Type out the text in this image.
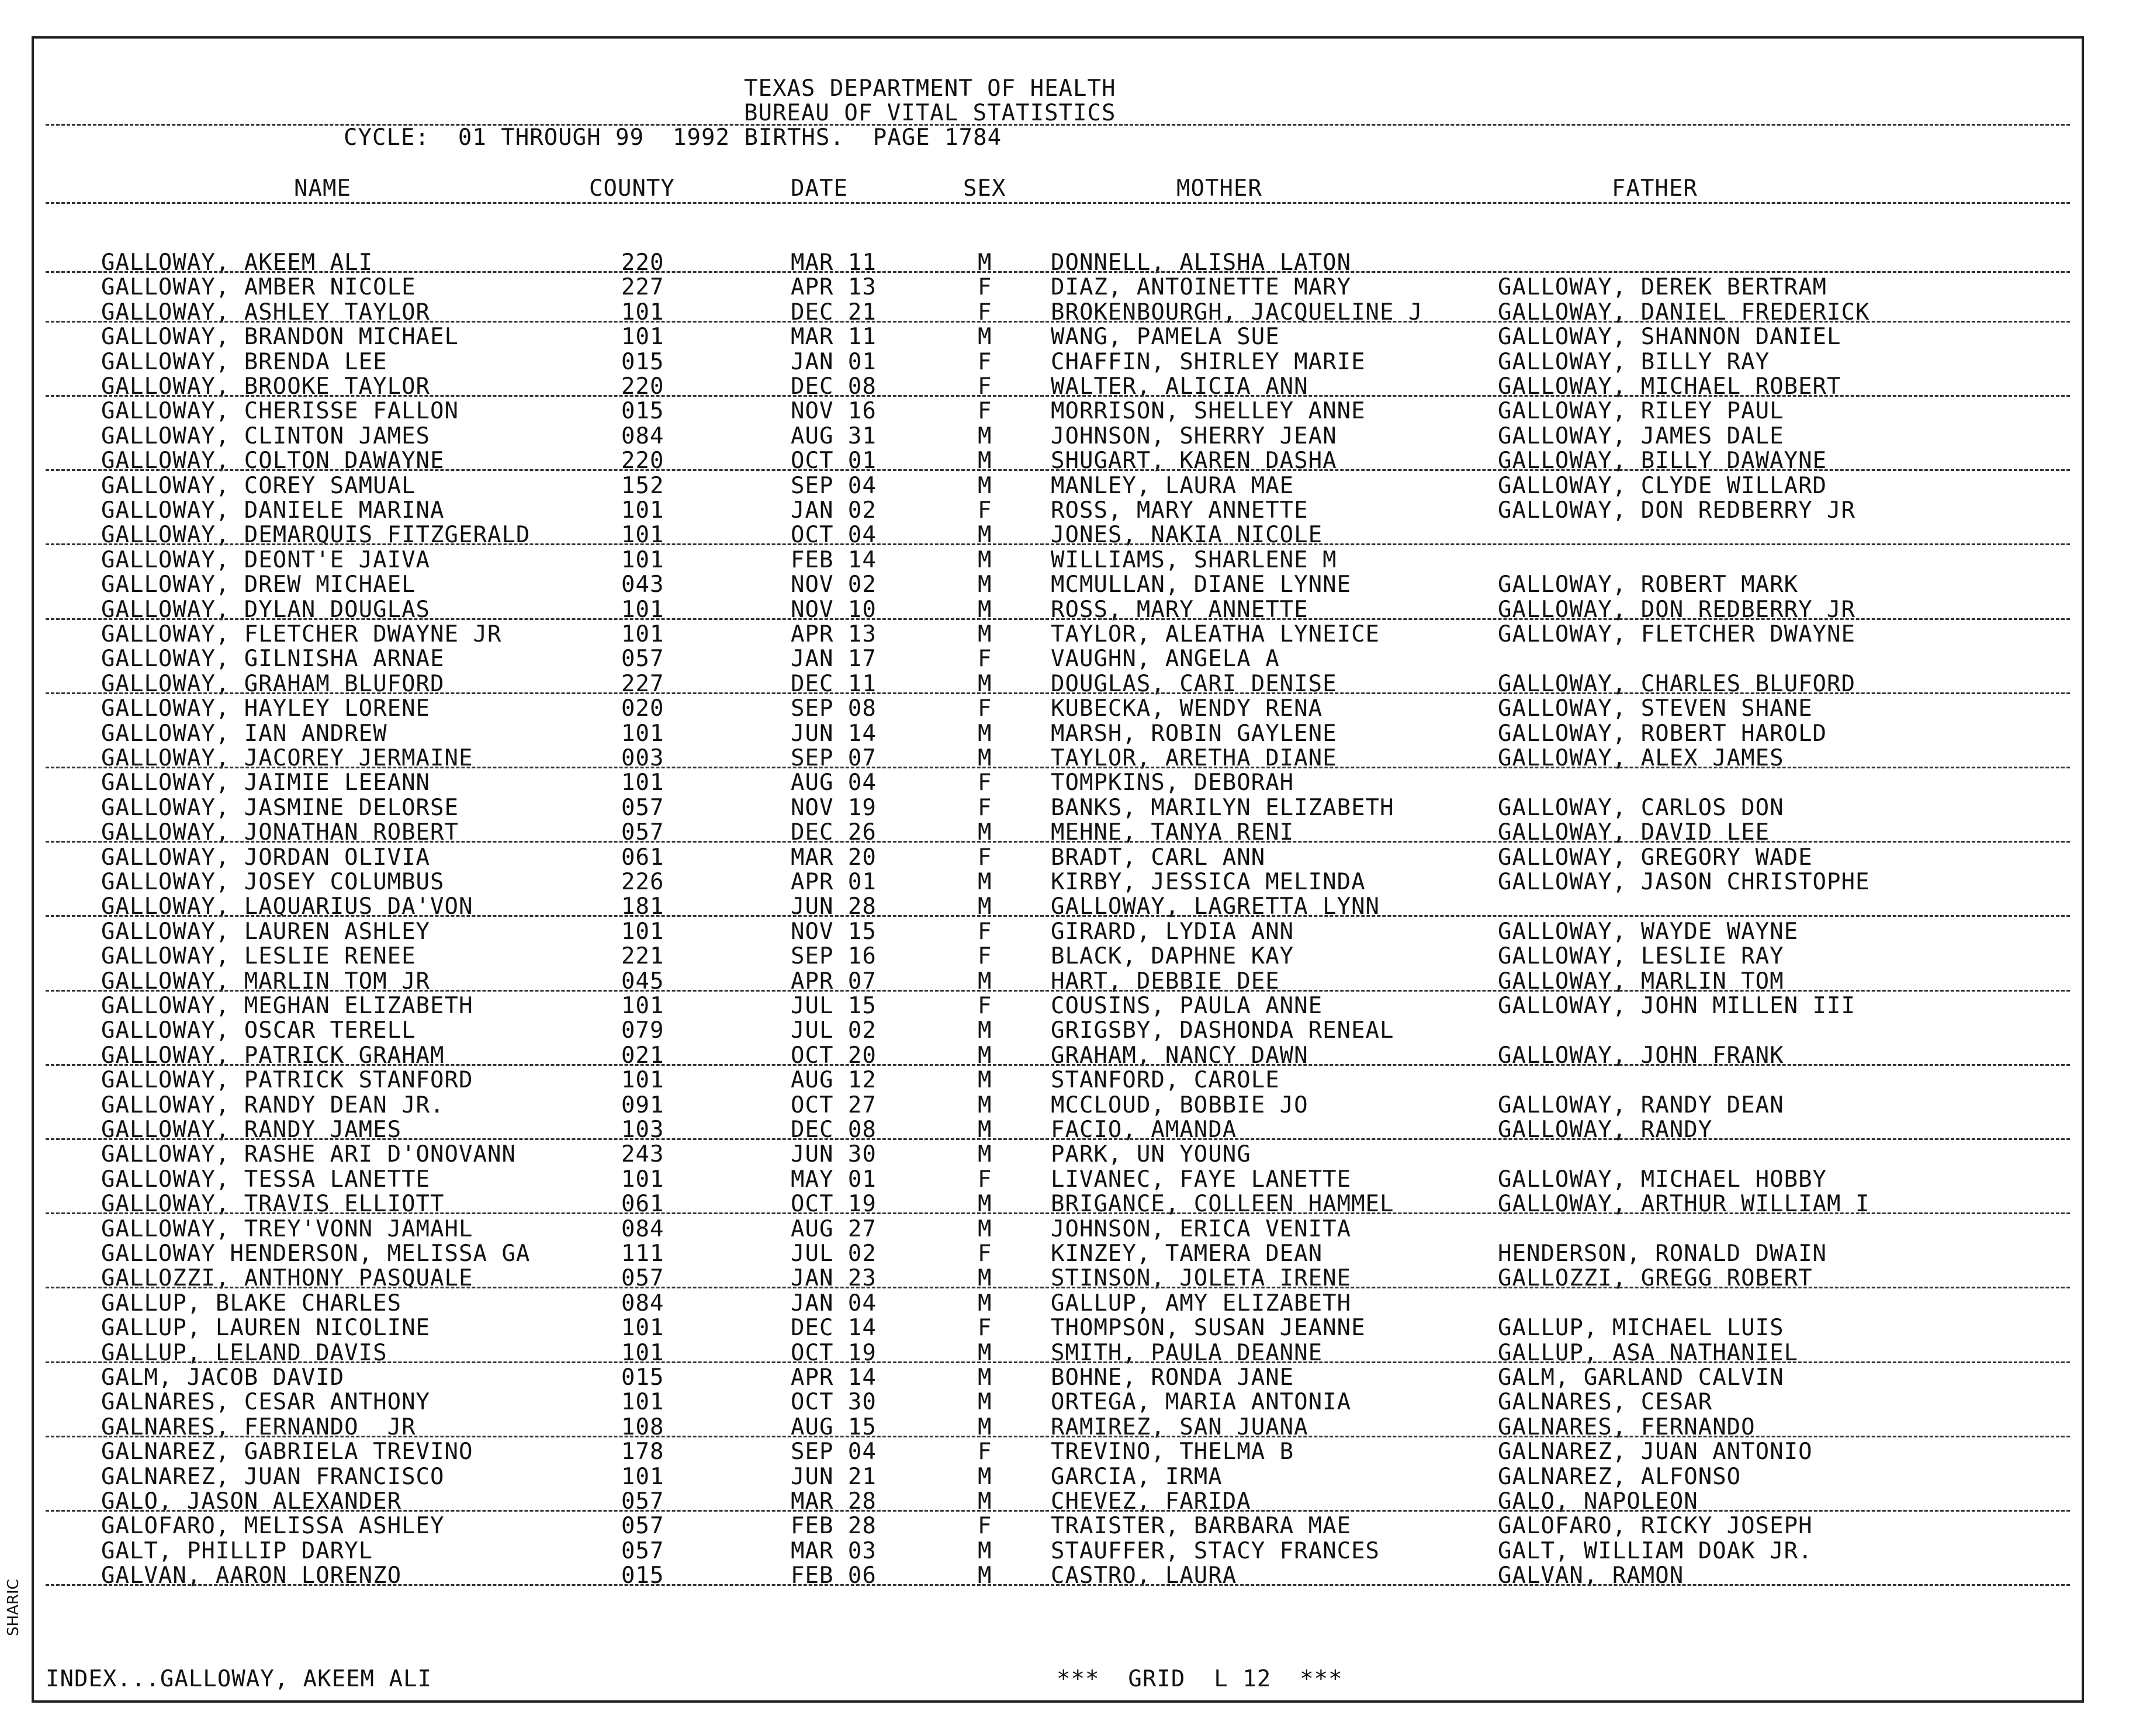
SHARIC
TEXAS DEPARTMENT OF HEALTH
BUREAU OF VITAL STATISTICS
CYCLE:  01 THROUGH 99  1992 BIRTHS.  PAGE 1784
NAME	COUNTY	DATE	SEX	MOTHER	FATHER
GALLOWAY, AKEEM ALI	220	MAR 11	M	DONNELL, ALISHA LATON
GALLOWAY, AMBER NICOLE	227	APR 13	F	DIAZ, ANTOINETTE MARY	GALLOWAY, DEREK BERTRAM
GALLOWAY, ASHLEY TAYLOR	101	DEC 21	F	BROKENBOURGH, JACQUELINE J	GALLOWAY, DANIEL FREDERICK
GALLOWAY, BRANDON MICHAEL	101	MAR 11	M	WANG, PAMELA SUE	GALLOWAY, SHANNON DANIEL
GALLOWAY, BRENDA LEE	015	JAN 01	F	CHAFFIN, SHIRLEY MARIE	GALLOWAY, BILLY RAY
GALLOWAY, BROOKE TAYLOR	220	DEC 08	F	WALTER, ALICIA ANN	GALLOWAY, MICHAEL ROBERT
GALLOWAY, CHERISSE FALLON	015	NOV 16	F	MORRISON, SHELLEY ANNE	GALLOWAY, RILEY PAUL
GALLOWAY, CLINTON JAMES	084	AUG 31	M	JOHNSON, SHERRY JEAN	GALLOWAY, JAMES DALE
GALLOWAY, COLTON DAWAYNE	220	OCT 01	M	SHUGART, KAREN DASHA	GALLOWAY, BILLY DAWAYNE
GALLOWAY, COREY SAMUAL	152	SEP 04	M	MANLEY, LAURA MAE	GALLOWAY, CLYDE WILLARD
GALLOWAY, DANIELE MARINA	101	JAN 02	F	ROSS, MARY ANNETTE	GALLOWAY, DON REDBERRY JR
GALLOWAY, DEMARQUIS FITZGERALD	101	OCT 04	M	JONES, NAKIA NICOLE
GALLOWAY, DEONT'E JAIVA	101	FEB 14	M	WILLIAMS, SHARLENE M
GALLOWAY, DREW MICHAEL	043	NOV 02	M	MCMULLAN, DIANE LYNNE	GALLOWAY, ROBERT MARK
GALLOWAY, DYLAN DOUGLAS	101	NOV 10	M	ROSS, MARY ANNETTE	GALLOWAY, DON REDBERRY JR
GALLOWAY, FLETCHER DWAYNE JR	101	APR 13	M	TAYLOR, ALEATHA LYNEICE	GALLOWAY, FLETCHER DWAYNE
GALLOWAY, GILNISHA ARNAE	057	JAN 17	F	VAUGHN, ANGELA A
GALLOWAY, GRAHAM BLUFORD	227	DEC 11	M	DOUGLAS, CARI DENISE	GALLOWAY, CHARLES BLUFORD
GALLOWAY, HAYLEY LORENE	020	SEP 08	F	KUBECKA, WENDY RENA	GALLOWAY, STEVEN SHANE
GALLOWAY, IAN ANDREW	101	JUN 14	M	MARSH, ROBIN GAYLENE	GALLOWAY, ROBERT HAROLD
GALLOWAY, JACOREY JERMAINE	003	SEP 07	M	TAYLOR, ARETHA DIANE	GALLOWAY, ALEX JAMES
GALLOWAY, JAIMIE LEEANN	101	AUG 04	F	TOMPKINS, DEBORAH
GALLOWAY, JASMINE DELORSE	057	NOV 19	F	BANKS, MARILYN ELIZABETH	GALLOWAY, CARLOS DON
GALLOWAY, JONATHAN ROBERT	057	DEC 26	M	MEHNE, TANYA RENI	GALLOWAY, DAVID LEE
GALLOWAY, JORDAN OLIVIA	061	MAR 20	F	BRADT, CARL ANN	GALLOWAY, GREGORY WADE
GALLOWAY, JOSEY COLUMBUS	226	APR 01	M	KIRBY, JESSICA MELINDA	GALLOWAY, JASON CHRISTOPHE
GALLOWAY, LAQUARIUS DA'VON	181	JUN 28	M	GALLOWAY, LAGRETTA LYNN
GALLOWAY, LAUREN ASHLEY	101	NOV 15	F	GIRARD, LYDIA ANN	GALLOWAY, WAYDE WAYNE
GALLOWAY, LESLIE RENEE	221	SEP 16	F	BLACK, DAPHNE KAY	GALLOWAY, LESLIE RAY
GALLOWAY, MARLIN TOM JR	045	APR 07	M	HART, DEBBIE DEE	GALLOWAY, MARLIN TOM
GALLOWAY, MEGHAN ELIZABETH	101	JUL 15	F	COUSINS, PAULA ANNE	GALLOWAY, JOHN MILLEN III
GALLOWAY, OSCAR TERELL	079	JUL 02	M	GRIGSBY, DASHONDA RENEAL
GALLOWAY, PATRICK GRAHAM	021	OCT 20	M	GRAHAM, NANCY DAWN	GALLOWAY, JOHN FRANK
GALLOWAY, PATRICK STANFORD	101	AUG 12	M	STANFORD, CAROLE
GALLOWAY, RANDY DEAN JR.	091	OCT 27	M	MCCLOUD, BOBBIE JO	GALLOWAY, RANDY DEAN
GALLOWAY, RANDY JAMES	103	DEC 08	M	FACIO, AMANDA	GALLOWAY, RANDY
GALLOWAY, RASHE ARI D'ONOVANN	243	JUN 30	M	PARK, UN YOUNG
GALLOWAY, TESSA LANETTE	101	MAY 01	F	LIVANEC, FAYE LANETTE	GALLOWAY, MICHAEL HOBBY
GALLOWAY, TRAVIS ELLIOTT	061	OCT 19	M	BRIGANCE, COLLEEN HAMMEL	GALLOWAY, ARTHUR WILLIAM I
GALLOWAY, TREY'VONN JAMAHL	084	AUG 27	M	JOHNSON, ERICA VENITA
GALLOWAY HENDERSON, MELISSA GA	111	JUL 02	F	KINZEY, TAMERA DEAN	HENDERSON, RONALD DWAIN
GALLOZZI, ANTHONY PASQUALE	057	JAN 23	M	STINSON, JOLETA IRENE	GALLOZZI, GREGG ROBERT
GALLUP, BLAKE CHARLES	084	JAN 04	M	GALLUP, AMY ELIZABETH
GALLUP, LAUREN NICOLINE	101	DEC 14	F	THOMPSON, SUSAN JEANNE	GALLUP, MICHAEL LUIS
GALLUP, LELAND DAVIS	101	OCT 19	M	SMITH, PAULA DEANNE	GALLUP, ASA NATHANIEL
GALM, JACOB DAVID	015	APR 14	M	BOHNE, RONDA JANE	GALM, GARLAND CALVIN
GALNARES, CESAR ANTHONY	101	OCT 30	M	ORTEGA, MARIA ANTONIA	GALNARES, CESAR
GALNARES, FERNANDO  JR	108	AUG 15	M	RAMIREZ, SAN JUANA	GALNARES, FERNANDO
GALNAREZ, GABRIELA TREVINO	178	SEP 04	F	TREVINO, THELMA B	GALNAREZ, JUAN ANTONIO
GALNAREZ, JUAN FRANCISCO	101	JUN 21	M	GARCIA, IRMA	GALNAREZ, ALFONSO
GALO, JASON ALEXANDER	057	MAR 28	M	CHEVEZ, FARIDA	GALO, NAPOLEON
GALOFARO, MELISSA ASHLEY	057	FEB 28	F	TRAISTER, BARBARA MAE	GALOFARO, RICKY JOSEPH
GALT, PHILLIP DARYL	057	MAR 03	M	STAUFFER, STACY FRANCES	GALT, WILLIAM DOAK JR.
GALVAN, AARON LORENZO	015	FEB 06	M	CASTRO, LAURA	GALVAN, RAMON
INDEX...GALLOWAY, AKEEM ALI	***  GRID  L 12  ***
